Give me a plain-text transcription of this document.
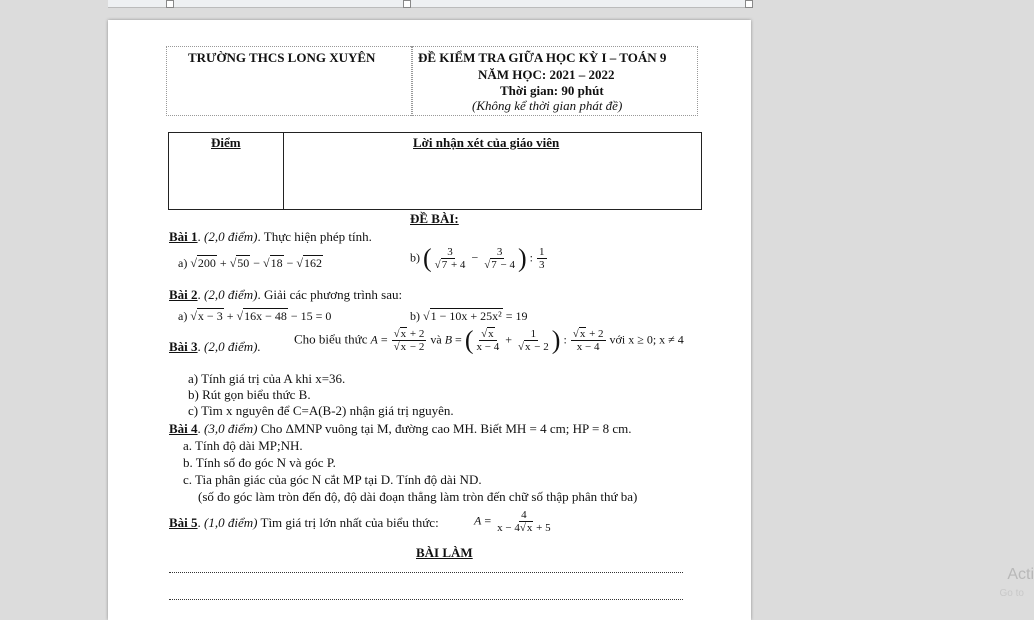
TRƯỜNG THCS LONG XUYÊN	ĐỀ KIỂM TRA GIỮA HỌC KỲ I – TOÁN 9
NĂM HỌC: 2021 – 2022
Thời gian: 90 phút
(Không kể thời gian phát đề)
Điểm	Lời nhận xét của giáo viên
ĐỀ BÀI:
Bài 1. (2,0 điểm). Thực hiện phép tính.
a) √200 + √50 − √18 − √162	b) ( $\frac{3}{√7 + 4} - \frac{3}{√7 - 4}$ ) : $\frac{1}{3}$
Bài 2. (2,0 điểm). Giải các phương trình sau:
a) √x − 3 + √16x − 48 − 15 = 0	b) √1 − 10x + 25x² = 19
Bài 3. (2,0 điểm).
Cho biểu thức $A = \frac{√x + 2}{√x - 2}$ và B = ( $\frac{√x}{x - 4} + \frac{1}{√x - 2}$ ) : $\frac{√x + 2}{x - 4}$ với x ≥ 0; x ≠ 4
a) Tính giá trị của A khi x=36.
b) Rút gọn biểu thức B.
c) Tìm x nguyên để C=A(B-2) nhận giá trị nguyên.
Bài 4. (3,0 điểm) Cho ΔMNP vuông tại M, đường cao MH. Biết MH = 4 cm; HP = 8 cm.
a. Tính độ dài MP;NH.
b. Tính số đo góc N và góc P.
c. Tia phân giác của góc N cắt MP tại D. Tính độ dài ND.
(số đo góc làm tròn đến độ, độ dài đoạn thẳng làm tròn đến chữ số thập phân thứ ba)
Bài 5. (1,0 điểm) Tìm giá trị lớn nhất của biểu thức:	$A = \frac{4}{x - 4√x + 5}$
BÀI LÀM
Acti
Go to
